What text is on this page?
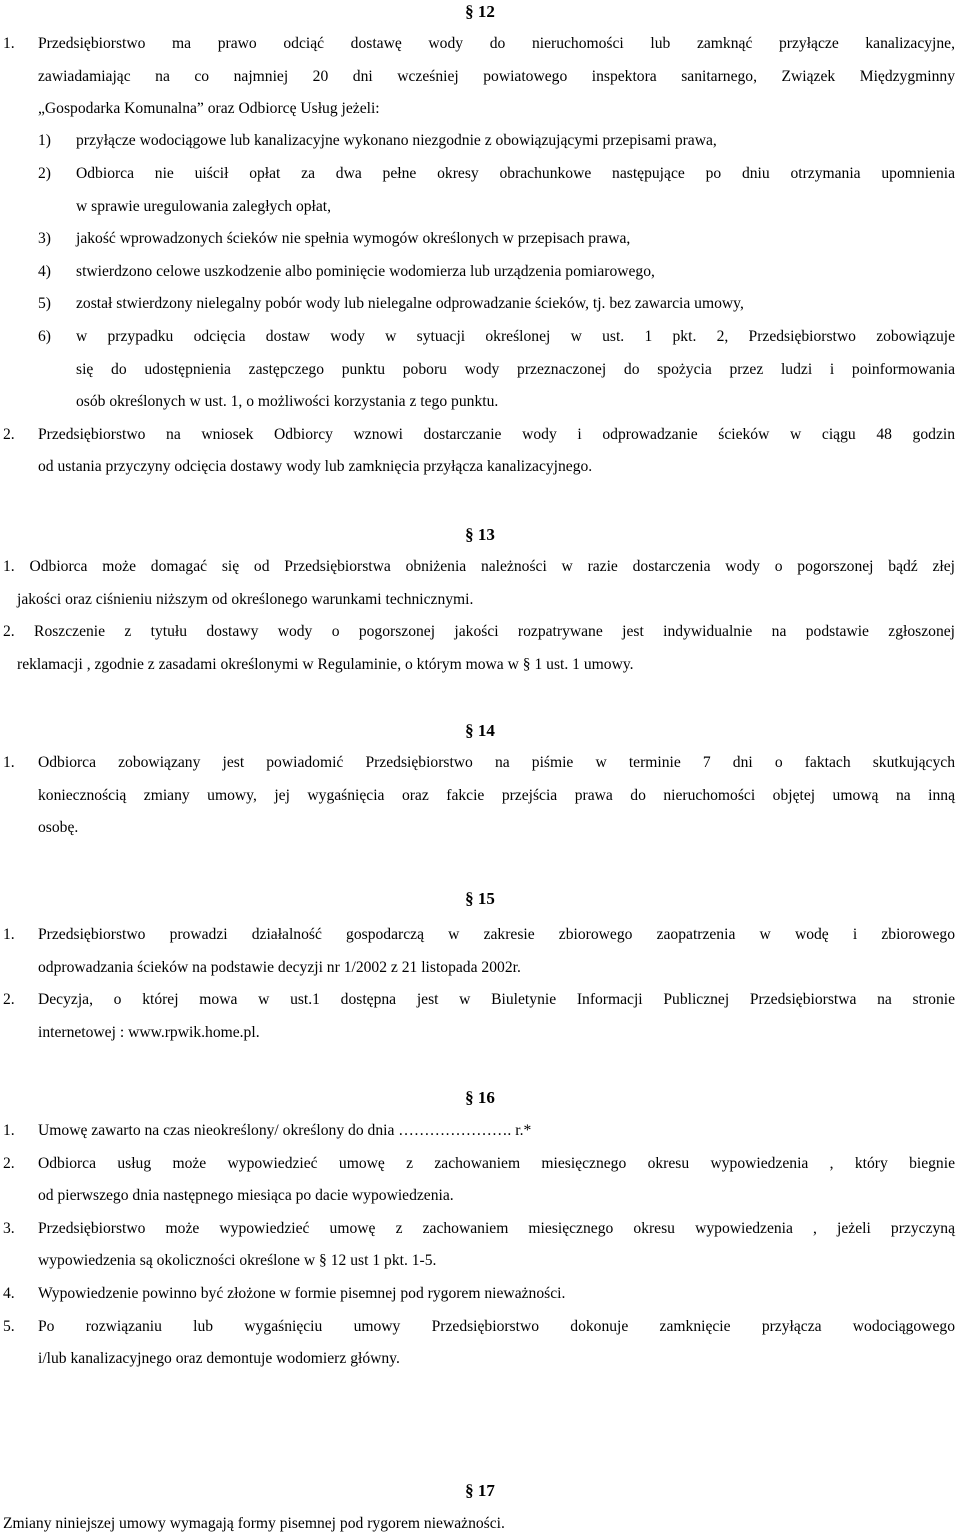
§ 12
1. Przedsiębiorstwo ma prawo odciąć dostawę wody do nieruchomości lub zamknąć przyłącze kanalizacyjne,
zawiadamiając na co najmniej 20 dni wcześniej powiatowego inspektora sanitarnego, Związek Międzygminny
„Gospodarka Komunalna” oraz Odbiorcę Usług jeżeli:
1) przyłącze wodociągowe lub kanalizacyjne wykonano niezgodnie z obowiązującymi przepisami prawa,
2) Odbiorca nie uiścił opłat za dwa pełne okresy obrachunkowe następujące po dniu otrzymania upomnienia
w sprawie uregulowania zaległych opłat,
3) jakość wprowadzonych ścieków nie spełnia wymogów określonych w przepisach prawa,
4) stwierdzono celowe uszkodzenie albo pominięcie wodomierza lub urządzenia pomiarowego,
5) został stwierdzony nielegalny pobór wody lub nielegalne odprowadzanie ścieków, tj. bez zawarcia umowy,
6) w przypadku odcięcia dostaw wody w sytuacji określonej w ust. 1 pkt. 2, Przedsiębiorstwo zobowiązuje
się do udostępnienia zastępczego punktu poboru wody przeznaczonej do spożycia przez ludzi i poinformowania
osób określonych w ust. 1, o możliwości korzystania z tego punktu.
2. Przedsiębiorstwo na wniosek Odbiorcy wznowi dostarczanie wody i odprowadzanie ścieków w ciągu 48 godzin
od ustania przyczyny odcięcia dostawy wody lub zamknięcia przyłącza kanalizacyjnego.
§ 13
1. Odbiorca może domagać się od Przedsiębiorstwa obniżenia należności w razie dostarczenia wody o pogorszonej bądź złej
jakości oraz ciśnieniu niższym od określonego warunkami technicznymi.
2. Roszczenie z tytułu dostawy wody o pogorszonej jakości rozpatrywane jest indywidualnie na podstawie zgłoszonej
reklamacji , zgodnie z zasadami określonymi w Regulaminie, o którym mowa w § 1 ust. 1 umowy.
§ 14
1. Odbiorca zobowiązany jest powiadomić Przedsiębiorstwo na piśmie w terminie 7 dni o faktach skutkujących
koniecznością zmiany umowy, jej wygaśnięcia oraz fakcie przejścia prawa do nieruchomości objętej umową na inną
osobę.
§ 15
1. Przedsiębiorstwo prowadzi działalność gospodarczą w zakresie zbiorowego zaopatrzenia w wodę i zbiorowego
odprowadzania ścieków na podstawie decyzji nr 1/2002 z 21 listopada 2002r.
2. Decyzja, o której mowa w ust.1 dostępna jest w Biuletynie Informacji Publicznej Przedsiębiorstwa na stronie
internetowej : www.rpwik.home.pl.
§ 16
1. Umowę zawarto na czas nieokreślony/ określony do dnia …………………. r.*
2. Odbiorca usług może wypowiedzieć umowę z zachowaniem miesięcznego okresu wypowiedzenia , który biegnie
od pierwszego dnia następnego miesiąca po dacie wypowiedzenia.
3. Przedsiębiorstwo może wypowiedzieć umowę z zachowaniem miesięcznego okresu wypowiedzenia , jeżeli przyczyną
wypowiedzenia są okoliczności określone w § 12 ust 1 pkt. 1-5.
4. Wypowiedzenie powinno być złożone w formie pisemnej pod rygorem nieważności.
5. Po rozwiązaniu lub wygaśnięciu umowy Przedsiębiorstwo dokonuje zamknięcie przyłącza wodociągowego
i/lub kanalizacyjnego oraz demontuje wodomierz główny.
§ 17
Zmiany niniejszej umowy wymagają formy pisemnej pod rygorem nieważności.
